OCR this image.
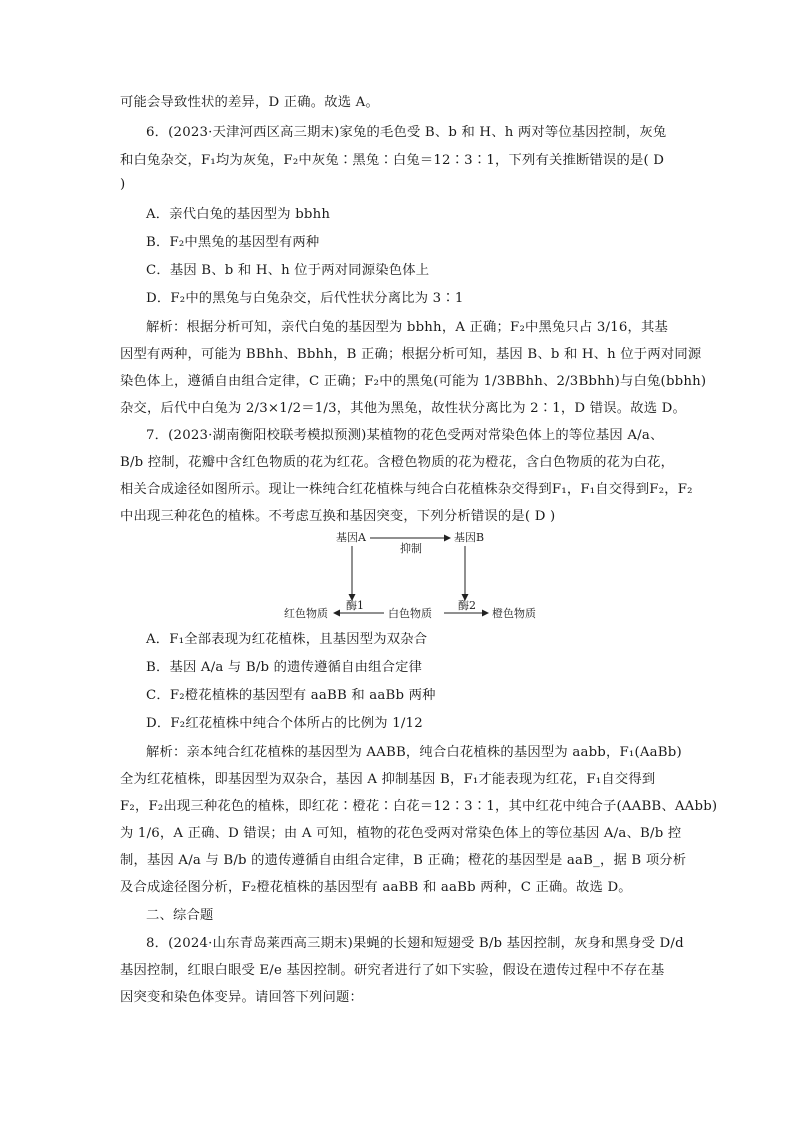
可能会导致性状的差异，D 正确。故选 A。
6．(2023·天津河西区高三期末)家兔的毛色受 B、b 和 H、h 两对等位基因控制，灰兔
和白兔杂交，F₁均为灰兔，F₂中灰兔∶黑兔∶白兔＝12∶3∶1，下列有关推断错误的是( D
)
A．亲代白兔的基因型为 bbhh
B．F₂中黑兔的基因型有两种
C．基因 B、b 和 H、h 位于两对同源染色体上
D．F₂中的黑兔与白兔杂交，后代性状分离比为 3∶1
解析：根据分析可知，亲代白兔的基因型为 bbhh，A 正确；F₂中黑兔只占 3/16，其基
因型有两种，可能为 BBhh、Bbhh，B 正确；根据分析可知，基因 B、b 和 H、h 位于两对同源
染色体上，遵循自由组合定律，C 正确；F₂中的黑兔(可能为 1/3BBhh、2/3Bbhh)与白兔(bbhh)
杂交，后代中白兔为 2/3×1/2＝1/3，其他为黑兔，故性状分离比为 2∶1，D 错误。故选 D。
7．(2023·湖南衡阳校联考模拟预测)某植物的花色受两对常染色体上的等位基因 A/a、
B/b 控制，花瓣中含红色物质的花为红花。含橙色物质的花为橙花，含白色物质的花为白花，
相关合成途径如图所示。现让一株纯合红花植株与纯合白花植株杂交得到F₁，F₁自交得到F₂，F₂
中出现三种花色的植株。不考虑互换和基因突变，下列分析错误的是( D )
基因A	基因B
抑制
红色物质	白色物质	橙色物质
酶1	酶2
A．F₁全部表现为红花植株，且基因型为双杂合
B．基因 A/a 与 B/b 的遗传遵循自由组合定律
C．F₂橙花植株的基因型有 aaBB 和 aaBb 两种
D．F₂红花植株中纯合个体所占的比例为 1/12
解析：亲本纯合红花植株的基因型为 AABB，纯合白花植株的基因型为 aabb，F₁(AaBb)
全为红花植株，即基因型为双杂合，基因 A 抑制基因 B，F₁才能表现为红花，F₁自交得到
F₂，F₂出现三种花色的植株，即红花∶橙花∶白花＝12∶3∶1，其中红花中纯合子(AABB、AAbb)
为 1/6，A 正确、D 错误；由 A 可知，植物的花色受两对常染色体上的等位基因 A/a、B/b 控
制，基因 A/a 与 B/b 的遗传遵循自由组合定律，B 正确；橙花的基因型是 aaB_，据 B 项分析
及合成途径图分析，F₂橙花植株的基因型有 aaBB 和 aaBb 两种，C 正确。故选 D。
二、综合题
8．(2024·山东青岛莱西高三期末)果蝇的长翅和短翅受 B/b 基因控制，灰身和黑身受 D/d
基因控制，红眼白眼受 E/e 基因控制。研究者进行了如下实验，假设在遗传过程中不存在基
因突变和染色体变异。请回答下列问题：
